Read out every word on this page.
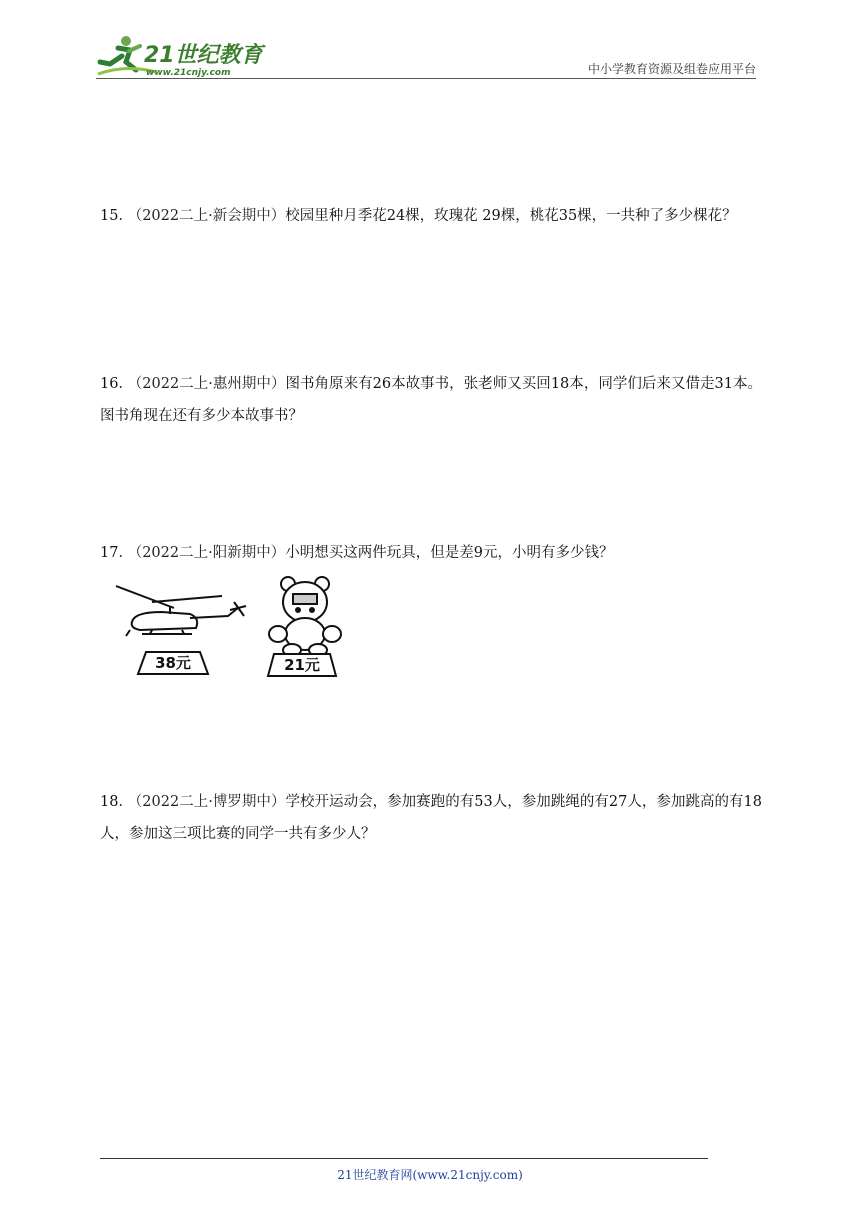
21世纪教育
www.21cnjy.com	中小学教育资源及组卷应用平台
15． （2022二上·新会期中）校园里种月季花24棵，玫瑰花 29棵，桃花35棵，一共种了多少棵花？
16． （2022二上·惠州期中）图书角原来有26本故事书，张老师又买回18本，同学们后来又借走31本。图书角现在还有多少本故事书？
17． （2022二上·阳新期中）小明想买这两件玩具，但是差9元，小明有多少钱？
38元	21元
18． （2022二上·博罗期中）学校开运动会，参加赛跑的有53人，参加跳绳的有27人，参加跳高的有18人，参加这三项比赛的同学一共有多少人？
21世纪教育网(www.21cnjy.com)
